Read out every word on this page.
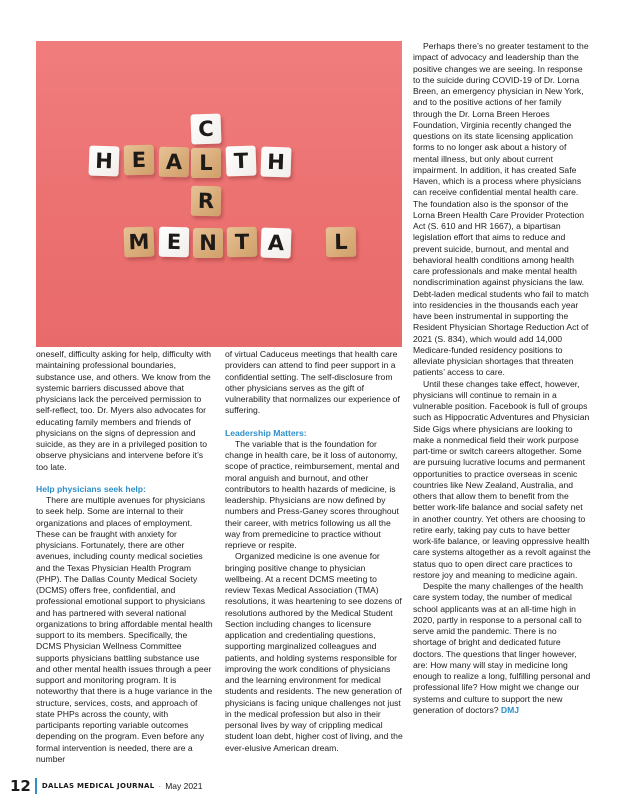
C
H E A L T H
R
M E N T A	L

oneself, difficulty asking for help, difficulty with maintaining professional boundaries, substance use, and others. We know from the systemic barriers discussed above that physicians lack the perceived permission to self-reflect, too. Dr. Myers also advocates for educating family members and friends of physicians on the signs of depression and suicide, as they are in a privileged position to observe physicians and intervene before it’s too late.

Help physicians seek help:

There are multiple avenues for physicians to seek help. Some are internal to their organizations and places of employment. These can be fraught with anxiety for physicians. Fortunately, there are other avenues, including county medical societies and the Texas Physician Health Program (PHP). The Dallas County Medical Society (DCMS) offers free, confidential, and professional emotional support to physicians and has partnered with several national organizations to bring affordable mental health support to its members. Specifically, the DCMS Physician Wellness Committee supports physicians battling substance use and other mental health issues through a peer support and monitoring program. It is noteworthy that there is a huge variance in the structure, services, costs, and approach of state PHPs across the county, with participants reporting variable outcomes depending on the program. Even before any formal intervention is needed, there are a number

of virtual Caduceus meetings that health care providers can attend to find peer support in a confidential setting. The self-disclosure from other physicians serves as the gift of vulnerability that normalizes our experience of suffering.

Leadership Matters:

The variable that is the foundation for change in health care, be it loss of autonomy, scope of practice, reimbursement, mental and moral anguish and burnout, and other contributors to health hazards of medicine, is leadership. Physicians are now defined by numbers and Press-Ganey scores throughout their career, with metrics following us all the way from premedicine to practice without reprieve or respite.

Organized medicine is one avenue for bringing positive change to physician wellbeing. At a recent DCMS meeting to review Texas Medical Association (TMA) resolutions, it was heartening to see dozens of resolutions authored by the Medical Student Section including changes to licensure application and credentialing questions, supporting marginalized colleagues and patients, and holding systems responsible for improving the work conditions of physicians and the learning environment for medical students and residents. The new generation of physicians is facing unique challenges not just in the medical profession but also in their personal lives by way of crippling medical student loan debt, higher cost of living, and the ever-elusive American dream.

Perhaps there’s no greater testament to the impact of advocacy and leadership than the positive changes we are seeing. In response to the suicide during COVID-19 of Dr. Lorna Breen, an emergency physician in New York, and to the positive actions of her family through the Dr. Lorna Breen Heroes Foundation, Virginia recently changed the questions on its state licensing application forms to no longer ask about a history of mental illness, but only about current impairment. In addition, it has created Safe Haven, which is a process where physicians can receive confidential mental health care. The foundation also is the sponsor of the Lorna Breen Health Care Provider Protection Act (S. 610 and HR 1667), a bipartisan legislation effort that aims to reduce and prevent suicide, burnout, and mental and behavioral health conditions among health care professionals and make mental health nondiscrimination against physicians the law. Debt-laden medical students who fail to match into residencies in the thousands each year have been instrumental in supporting the Resident Physician Shortage Reduction Act of 2021 (S. 834), which would add 14,000 Medicare-funded residency positions to alleviate physician shortages that threaten patients’ access to care.

Until these changes take effect, however, physicians will continue to remain in a vulnerable position. Facebook is full of groups such as Hippocratic Adventures and Physician Side Gigs where physicians are looking to make a nonmedical field their work purpose part-time or switch careers altogether. Some are pursuing lucrative locums and permanent opportunities to practice overseas in scenic countries like New Zealand, Australia, and others that allow them to benefit from the better work-life balance and social safety net in another country. Yet others are choosing to retire early, taking pay cuts to have better work-life balance, or leaving oppressive health care systems altogether as a revolt against the status quo to open direct care practices to restore joy and meaning to medicine again.

Despite the many challenges of the health care system today, the number of medical school applicants was at an all-time high in 2020, partly in response to a personal call to serve amid the pandemic. There is no shortage of bright and dedicated future doctors. The questions that linger however, are: How many will stay in medicine long enough to realize a long, fulfilling personal and professional life? How might we change our systems and culture to support the new generation of doctors? DMJ

12 DALLAS MEDICAL JOURNAL · May 2021
